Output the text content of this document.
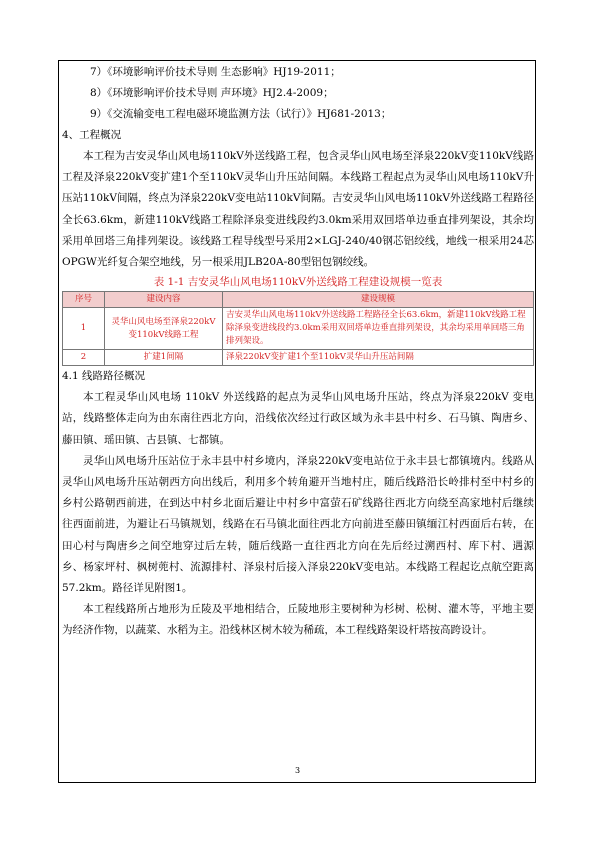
7）《环境影响评价技术导则 生态影响》HJ19-2011；

8）《环境影响评价技术导则 声环境》HJ2.4-2009；

9）《交流输变电工程电磁环境监测方法（试行）》HJ681-2013；

4、工程概况

本工程为吉安灵华山风电场110kV外送线路工程，包含灵华山风电场至泽泉220kV变110kV线路工程及泽泉220kV变扩建1个至110kV灵华山升压站间隔。本线路工程起点为灵华山风电场110kV升压站110kV间隔，终点为泽泉220kV变电站110kV间隔。吉安灵华山风电场110kV外送线路工程路径全长63.6km，新建110kV线路工程除泽泉变进线段约3.0km采用双回塔单边垂直排列架设，其余均采用单回塔三角排列架设。该线路工程导线型号采用2×LGJ-240/40钢芯铝绞线，地线一根采用24芯OPGW光纤复合架空地线，另一根采用JLB20A-80型铝包钢绞线。

表 1-1 吉安灵华山风电场110kV外送线路工程建设规模一览表

序号	建设内容	建设规模
1	灵华山风电场至泽泉220kV变110kV线路工程	吉安灵华山风电场110kV外送线路工程路径全长63.6km，新建110kV线路工程除泽泉变进线段约3.0km采用双回塔单边垂直排列架设，其余均采用单回塔三角排列架设。
2	扩建1间隔	泽泉220kV变扩建1个至110kV灵华山升压站间隔

4.1 线路路径概况

本工程灵华山风电场 110kV 外送线路的起点为灵华山风电场升压站，终点为泽泉220kV 变电站，线路整体走向为由东南往西北方向，沿线依次经过行政区域为永丰县中村乡、石马镇、陶唐乡、藤田镇、瑶田镇、古县镇、七都镇。

灵华山风电场升压站位于永丰县中村乡境内，泽泉220kV变电站位于永丰县七都镇境内。线路从灵华山风电场升压站朝西方向出线后，利用多个转角避开当地村庄，随后线路沿长岭排村至中村乡的乡村公路朝西前进，在到达中村乡北面后避让中村乡中富萤石矿线路往西北方向绕至高家地村后继续往西面前进，为避让石马镇规划，线路在石马镇北面往西北方向前进至藤田镇缅江村西面后右转，在田心村与陶唐乡之间空地穿过后左转，随后线路一直往西北方向在先后经过溯西村、库下村、遇源乡、杨家坪村、枫树蔸村、流源排村、泽泉村后接入泽泉220kV变电站。本线路工程起讫点航空距离57.2km。路径详见附图1。

本工程线路所占地形为丘陵及平地相结合，丘陵地形主要树种为杉树、松树、灌木等，平地主要为经济作物，以蔬菜、水稻为主。沿线林区树木较为稀疏，本工程线路架设杆塔按高跨设计。

3
